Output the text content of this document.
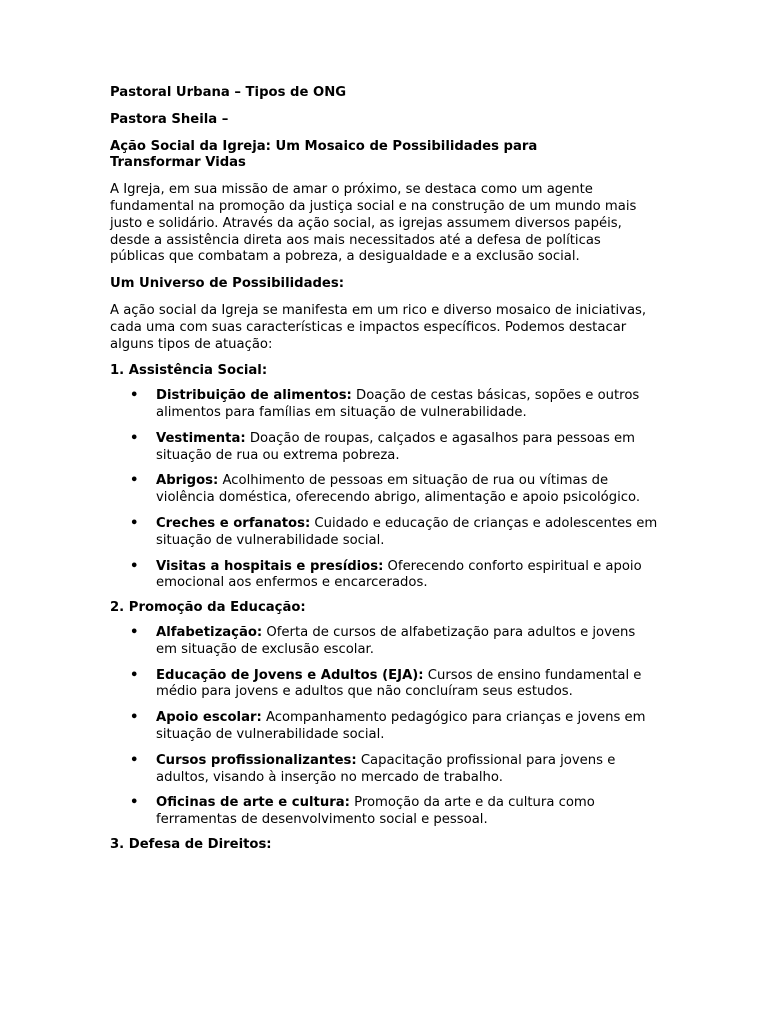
Pastoral Urbana – Tipos de ONG

Pastora Sheila –

Ação Social da Igreja: Um Mosaico de Possibilidades para
Transformar Vidas

A Igreja, em sua missão de amar o próximo, se destaca como um agente fundamental na promoção da justiça social e na construção de um mundo mais justo e solidário. Através da ação social, as igrejas assumem diversos papéis, desde a assistência direta aos mais necessitados até a defesa de políticas públicas que combatam a pobreza, a desigualdade e a exclusão social.

Um Universo de Possibilidades:

A ação social da Igreja se manifesta em um rico e diverso mosaico de iniciativas, cada uma com suas características e impactos específicos. Podemos destacar alguns tipos de atuação:

1. Assistência Social:

• Distribuição de alimentos: Doação de cestas básicas, sopões e outros alimentos para famílias em situação de vulnerabilidade.
• Vestimenta: Doação de roupas, calçados e agasalhos para pessoas em situação de rua ou extrema pobreza.
• Abrigos: Acolhimento de pessoas em situação de rua ou vítimas de violência doméstica, oferecendo abrigo, alimentação e apoio psicológico.
• Creches e orfanatos: Cuidado e educação de crianças e adolescentes em situação de vulnerabilidade social.
• Visitas a hospitais e presídios: Oferecendo conforto espiritual e apoio emocional aos enfermos e encarcerados.

2. Promoção da Educação:

• Alfabetização: Oferta de cursos de alfabetização para adultos e jovens em situação de exclusão escolar.
• Educação de Jovens e Adultos (EJA): Cursos de ensino fundamental e médio para jovens e adultos que não concluíram seus estudos.
• Apoio escolar: Acompanhamento pedagógico para crianças e jovens em situação de vulnerabilidade social.
• Cursos profissionalizantes: Capacitação profissional para jovens e adultos, visando à inserção no mercado de trabalho.
• Oficinas de arte e cultura: Promoção da arte e da cultura como ferramentas de desenvolvimento social e pessoal.

3. Defesa de Direitos:
